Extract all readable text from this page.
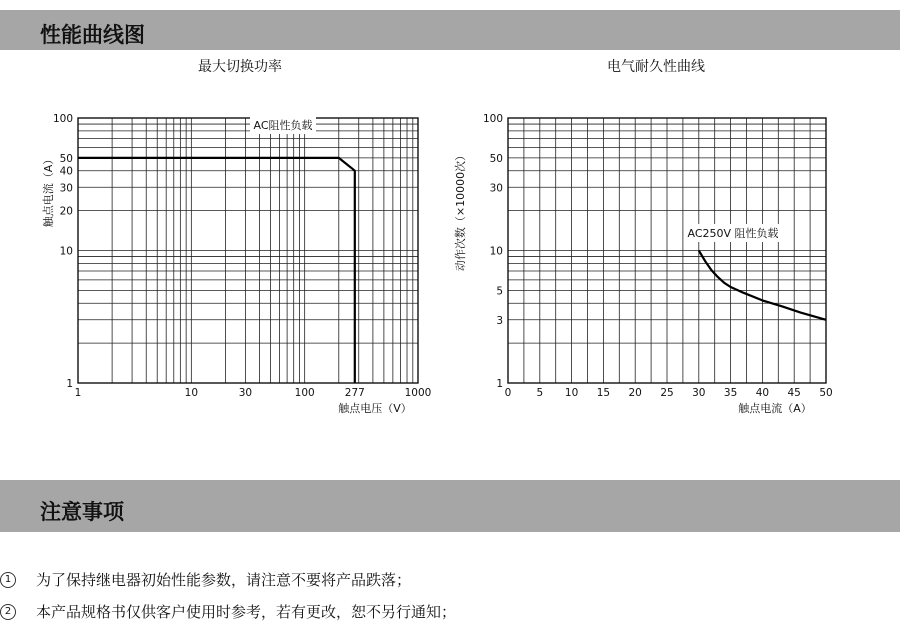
性能曲线图
最大切换功率	电气耐久性曲线
1	10	30	100	277	1000
1
10
20
30
40
50
100
触点电压（V）
触点电流（A）
AC阻性负载
0 5 10 15 20 25 30 35 40 45 50
1
3
5
10
30
50
100
触点电流（A）
动作次数（×10000次）	AC250V 阻性负载
注意事项
1	为了保持继电器初始性能参数，请注意不要将产品跌落；
2	本产品规格书仅供客户使用时参考，若有更改，恕不另行通知；
